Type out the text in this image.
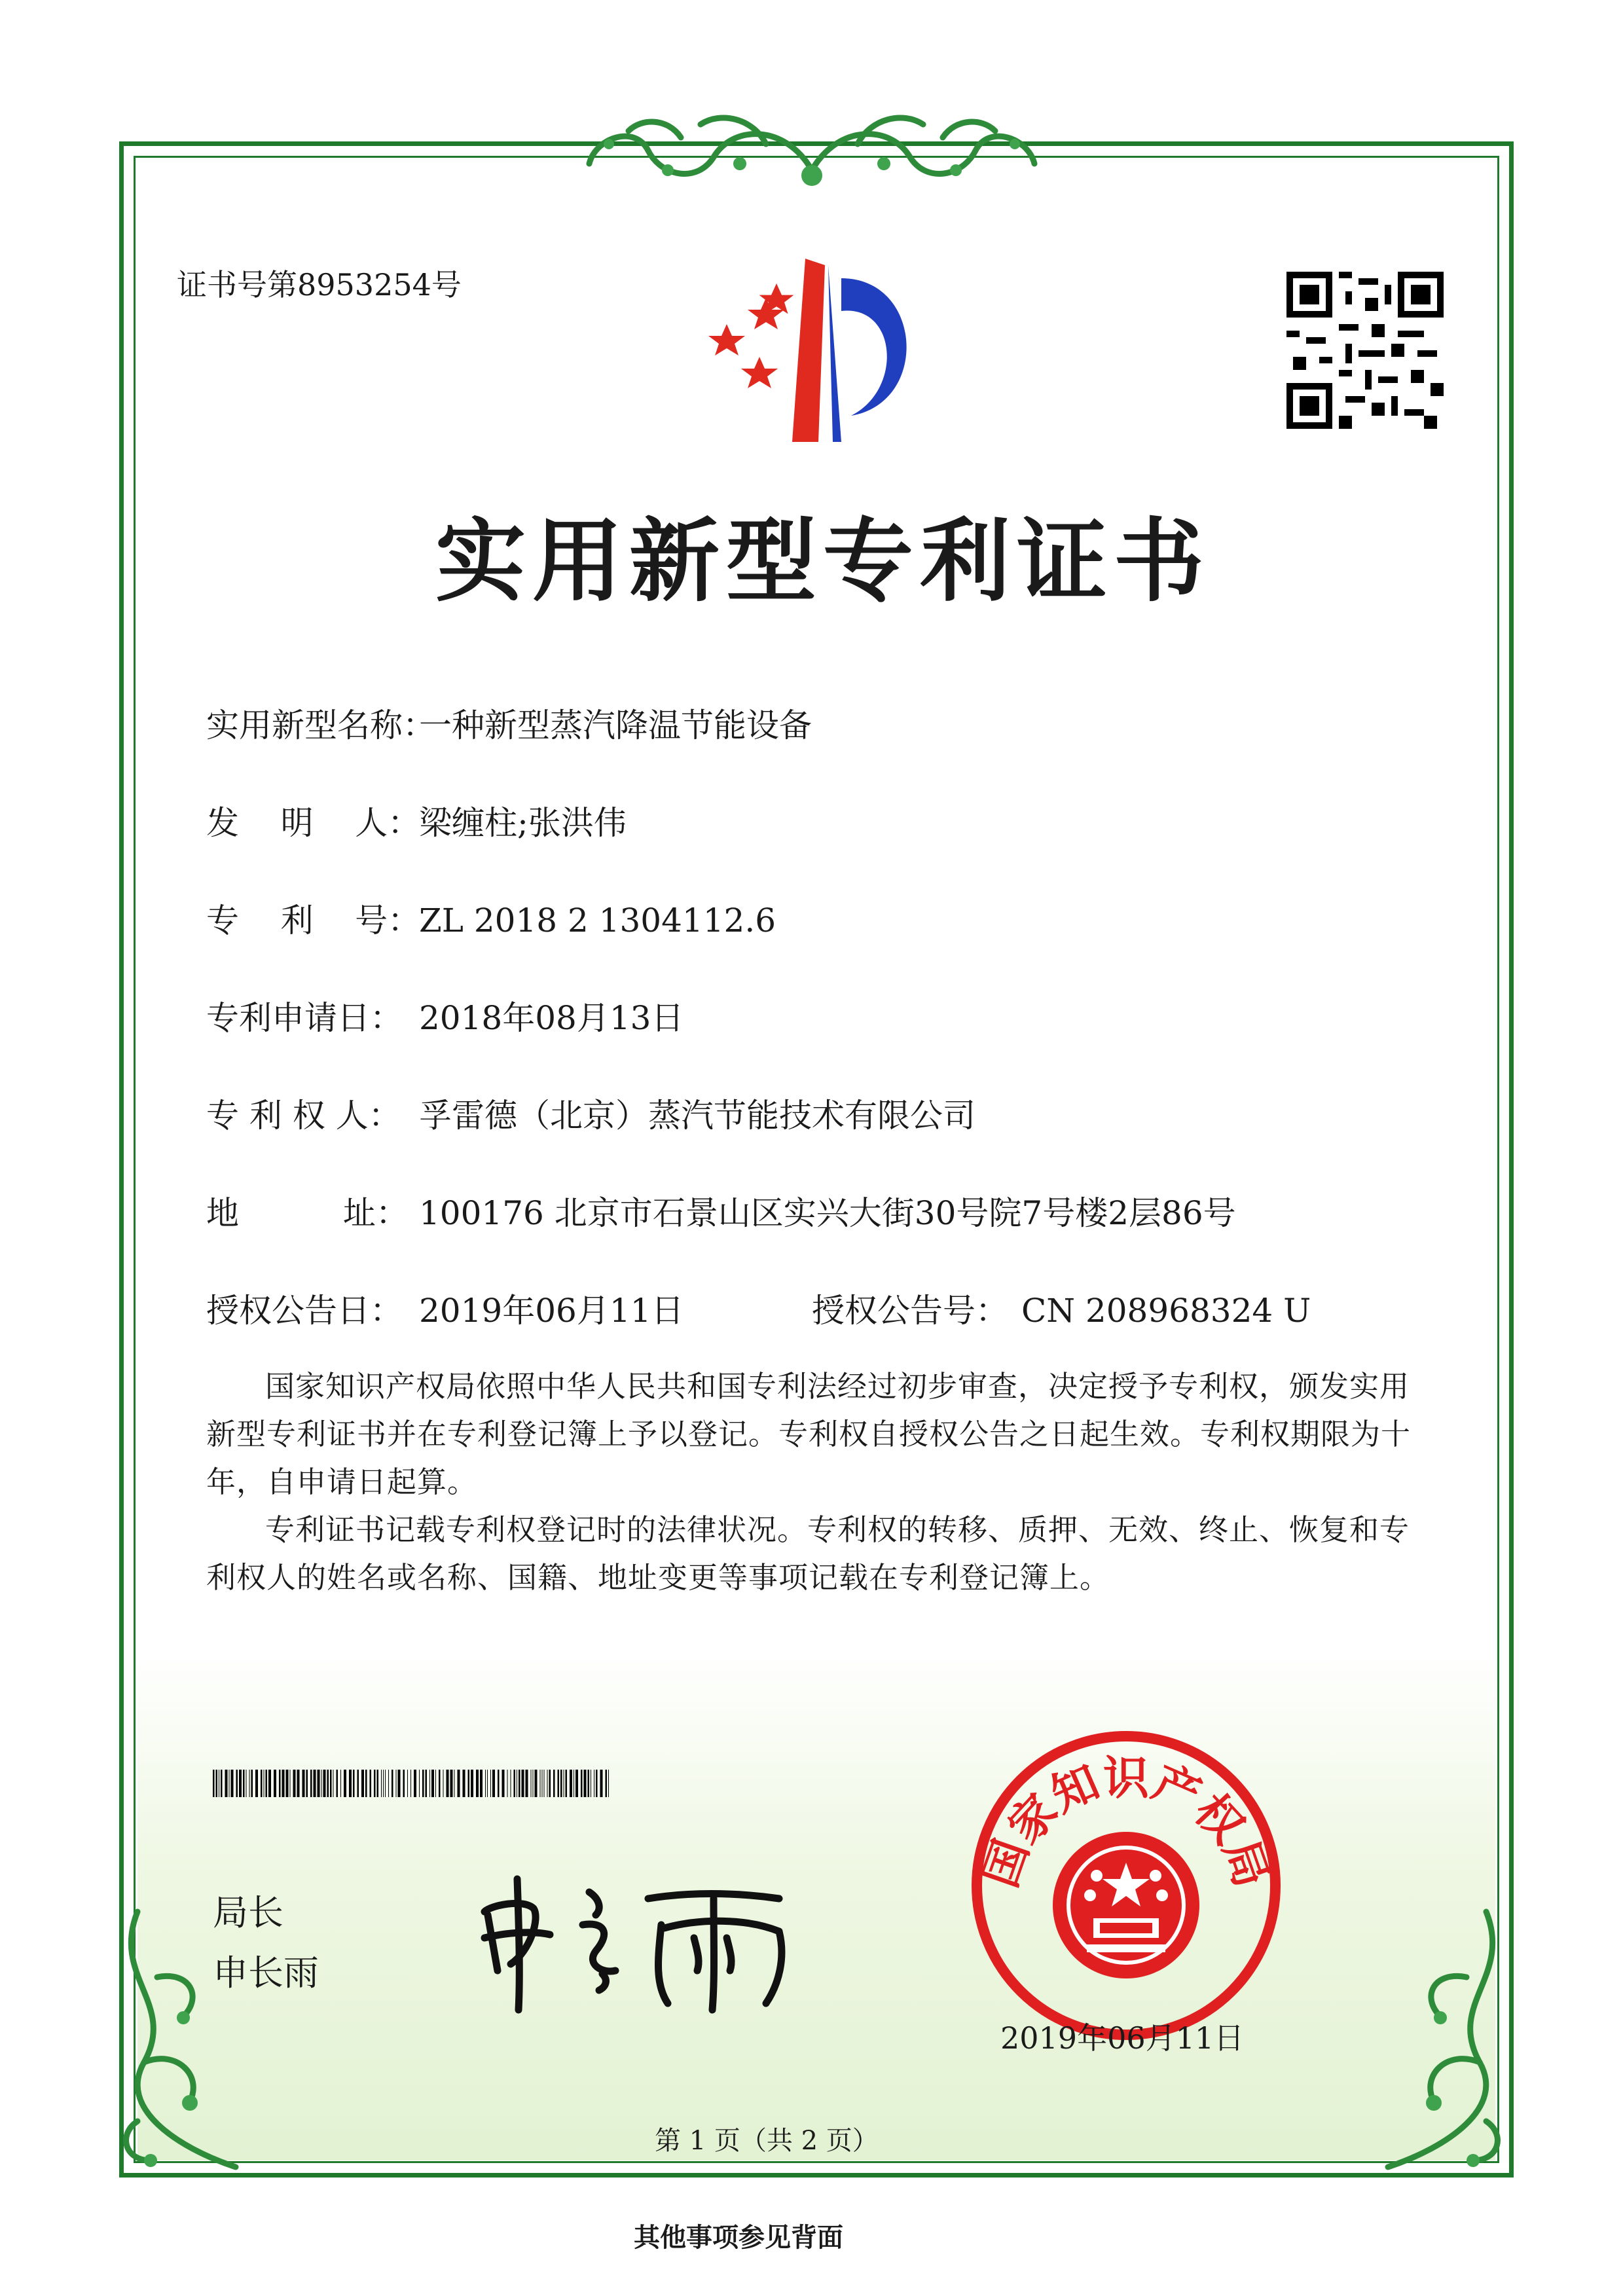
证书号第8953254号
实用新型专利证书
实用新型名称：
一种新型蒸汽降温节能设备
发    明    人：
梁缠柱;张洪伟
专    利    号：
ZL 2018 2 1304112.6
专利申请日： 2018年08月13日
专 利 权 人： 孚雷德（北京）蒸汽节能技术有限公司
地          址： 100176 北京市石景山区实兴大街30号院7号楼2层86号
授权公告日： 2019年06月11日	授权公告号： CN 208968324 U
国家知识产权局依照中华人民共和国专利法经过初步审查，决定授予专利权，颁发实用
新型专利证书并在专利登记簿上予以登记。专利权自授权公告之日起生效。专利权期限为十
年，自申请日起算。
专利证书记载专利权登记时的法律状况。专利权的转移、质押、无效、终止、恢复和专
利权人的姓名或名称、国籍、地址变更等事项记载在专利登记簿上。
局长
申长雨
国家知识产权局
2019年06月11日
第 1 页（共 2 页）
其他事项参见背面
